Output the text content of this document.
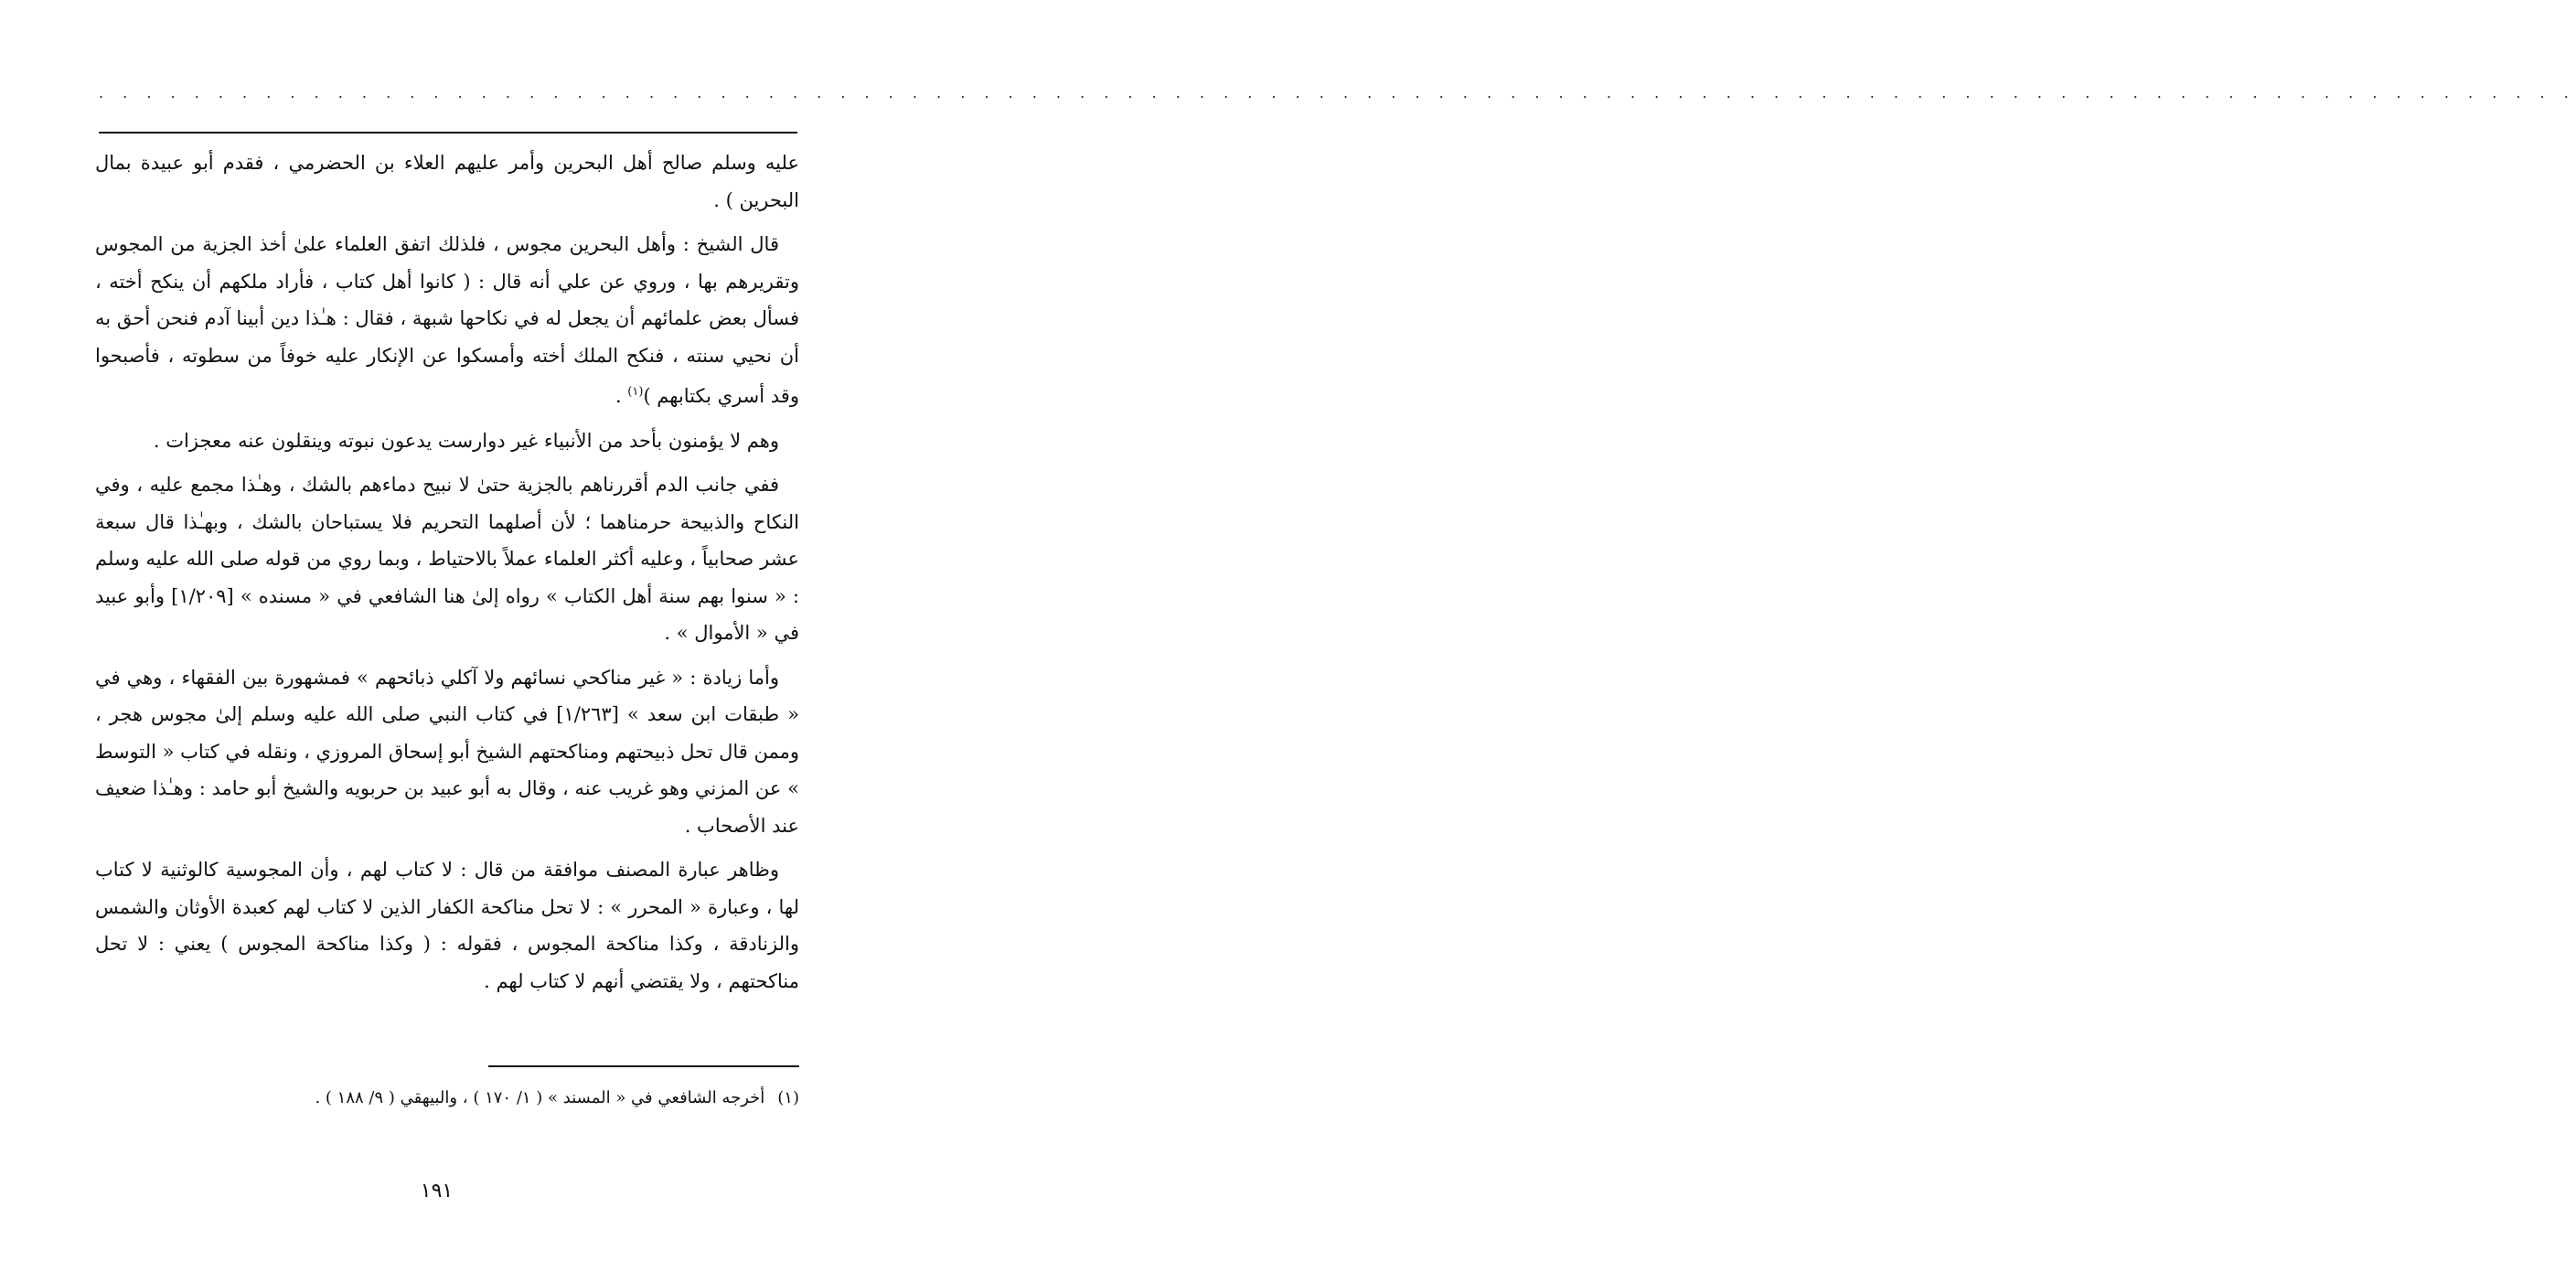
. . . . . . . . . . . . . . . . . . . . . . . . . . . . . . . . . . . . . . . . . . . . . . . . . . . . . . . . . . . . . . . . . . . . . . . . . . . . . . . . . . . . . . . . . . . . . . . . . . . . . . . .

عليه وسلم صالح أهل البحرين وأمر عليهم العلاء بن الحضرمي ، فقدم أبو عبيدة بمال البحرين ) .

قال الشيخ : وأهل البحرين مجوس ، فلذلك اتفق العلماء علىٰ أخذ الجزية من المجوس وتقريرهم بها ، وروي عن علي أنه قال : ( كانوا أهل كتاب ، فأراد ملكهم أن ينكح أخته ، فسأل بعض علمائهم أن يجعل له في نكاحها شبهة ، فقال : هـٰذا دين أبينا آدم فنحن أحق به أن نحيي سنته ، فنكح الملك أخته وأمسكوا عن الإنكار عليه خوفاً من سطوته ، فأصبحوا وقد أسري بكتابهم )$^{(١)}$ .

وهم لا يؤمنون بأحد من الأنبياء غير دوارست يدعون نبوته وينقلون عنه معجزات .

ففي جانب الدم أقررناهم بالجزية حتىٰ لا نبيح دماءهم بالشك ، وهـٰذا مجمع عليه ، وفي النكاح والذبيحة حرمناهما ؛ لأن أصلهما التحريم فلا يستباحان بالشك ، وبهـٰذا قال سبعة عشر صحابياً ، وعليه أكثر العلماء عملاً بالاحتياط ، وبما روي من قوله صلى الله عليه وسلم : « سنوا بهم سنة أهل الكتاب » رواه إلىٰ هنا الشافعي في « مسنده » [١/٢٠٩] وأبو عبيد في « الأموال » .

وأما زيادة : « غير مناكحي نسائهم ولا آكلي ذبائحهم » فمشهورة بين الفقهاء ، وهي في « طبقات ابن سعد » [١/٢٦٣] في كتاب النبي صلى الله عليه وسلم إلىٰ مجوس هجر ، وممن قال تحل ذبيحتهم ومناكحتهم الشيخ أبو إسحاق المروزي ، ونقله في كتاب « التوسط » عن المزني وهو غريب عنه ، وقال به أبو عبيد بن حربويه والشيخ أبو حامد : وهـٰذا ضعيف عند الأصحاب .

وظاهر عبارة المصنف موافقة من قال : لا كتاب لهم ، وأن المجوسية كالوثنية لا كتاب لها ، وعبارة « المحرر » : لا تحل مناكحة الكفار الذين لا كتاب لهم كعبدة الأوثان والشمس والزنادقة ، وكذا مناكحة المجوس ، فقوله : ( وكذا مناكحة المجوس ) يعني : لا تحل مناكحتهم ، ولا يقتضي أنهم لا كتاب لهم .

(١)أخرجه الشافعي في « المسند » ( ١/ ١٧٠ ) ، والبيهقي ( ٩/ ١٨٨ ) .
١٩١
